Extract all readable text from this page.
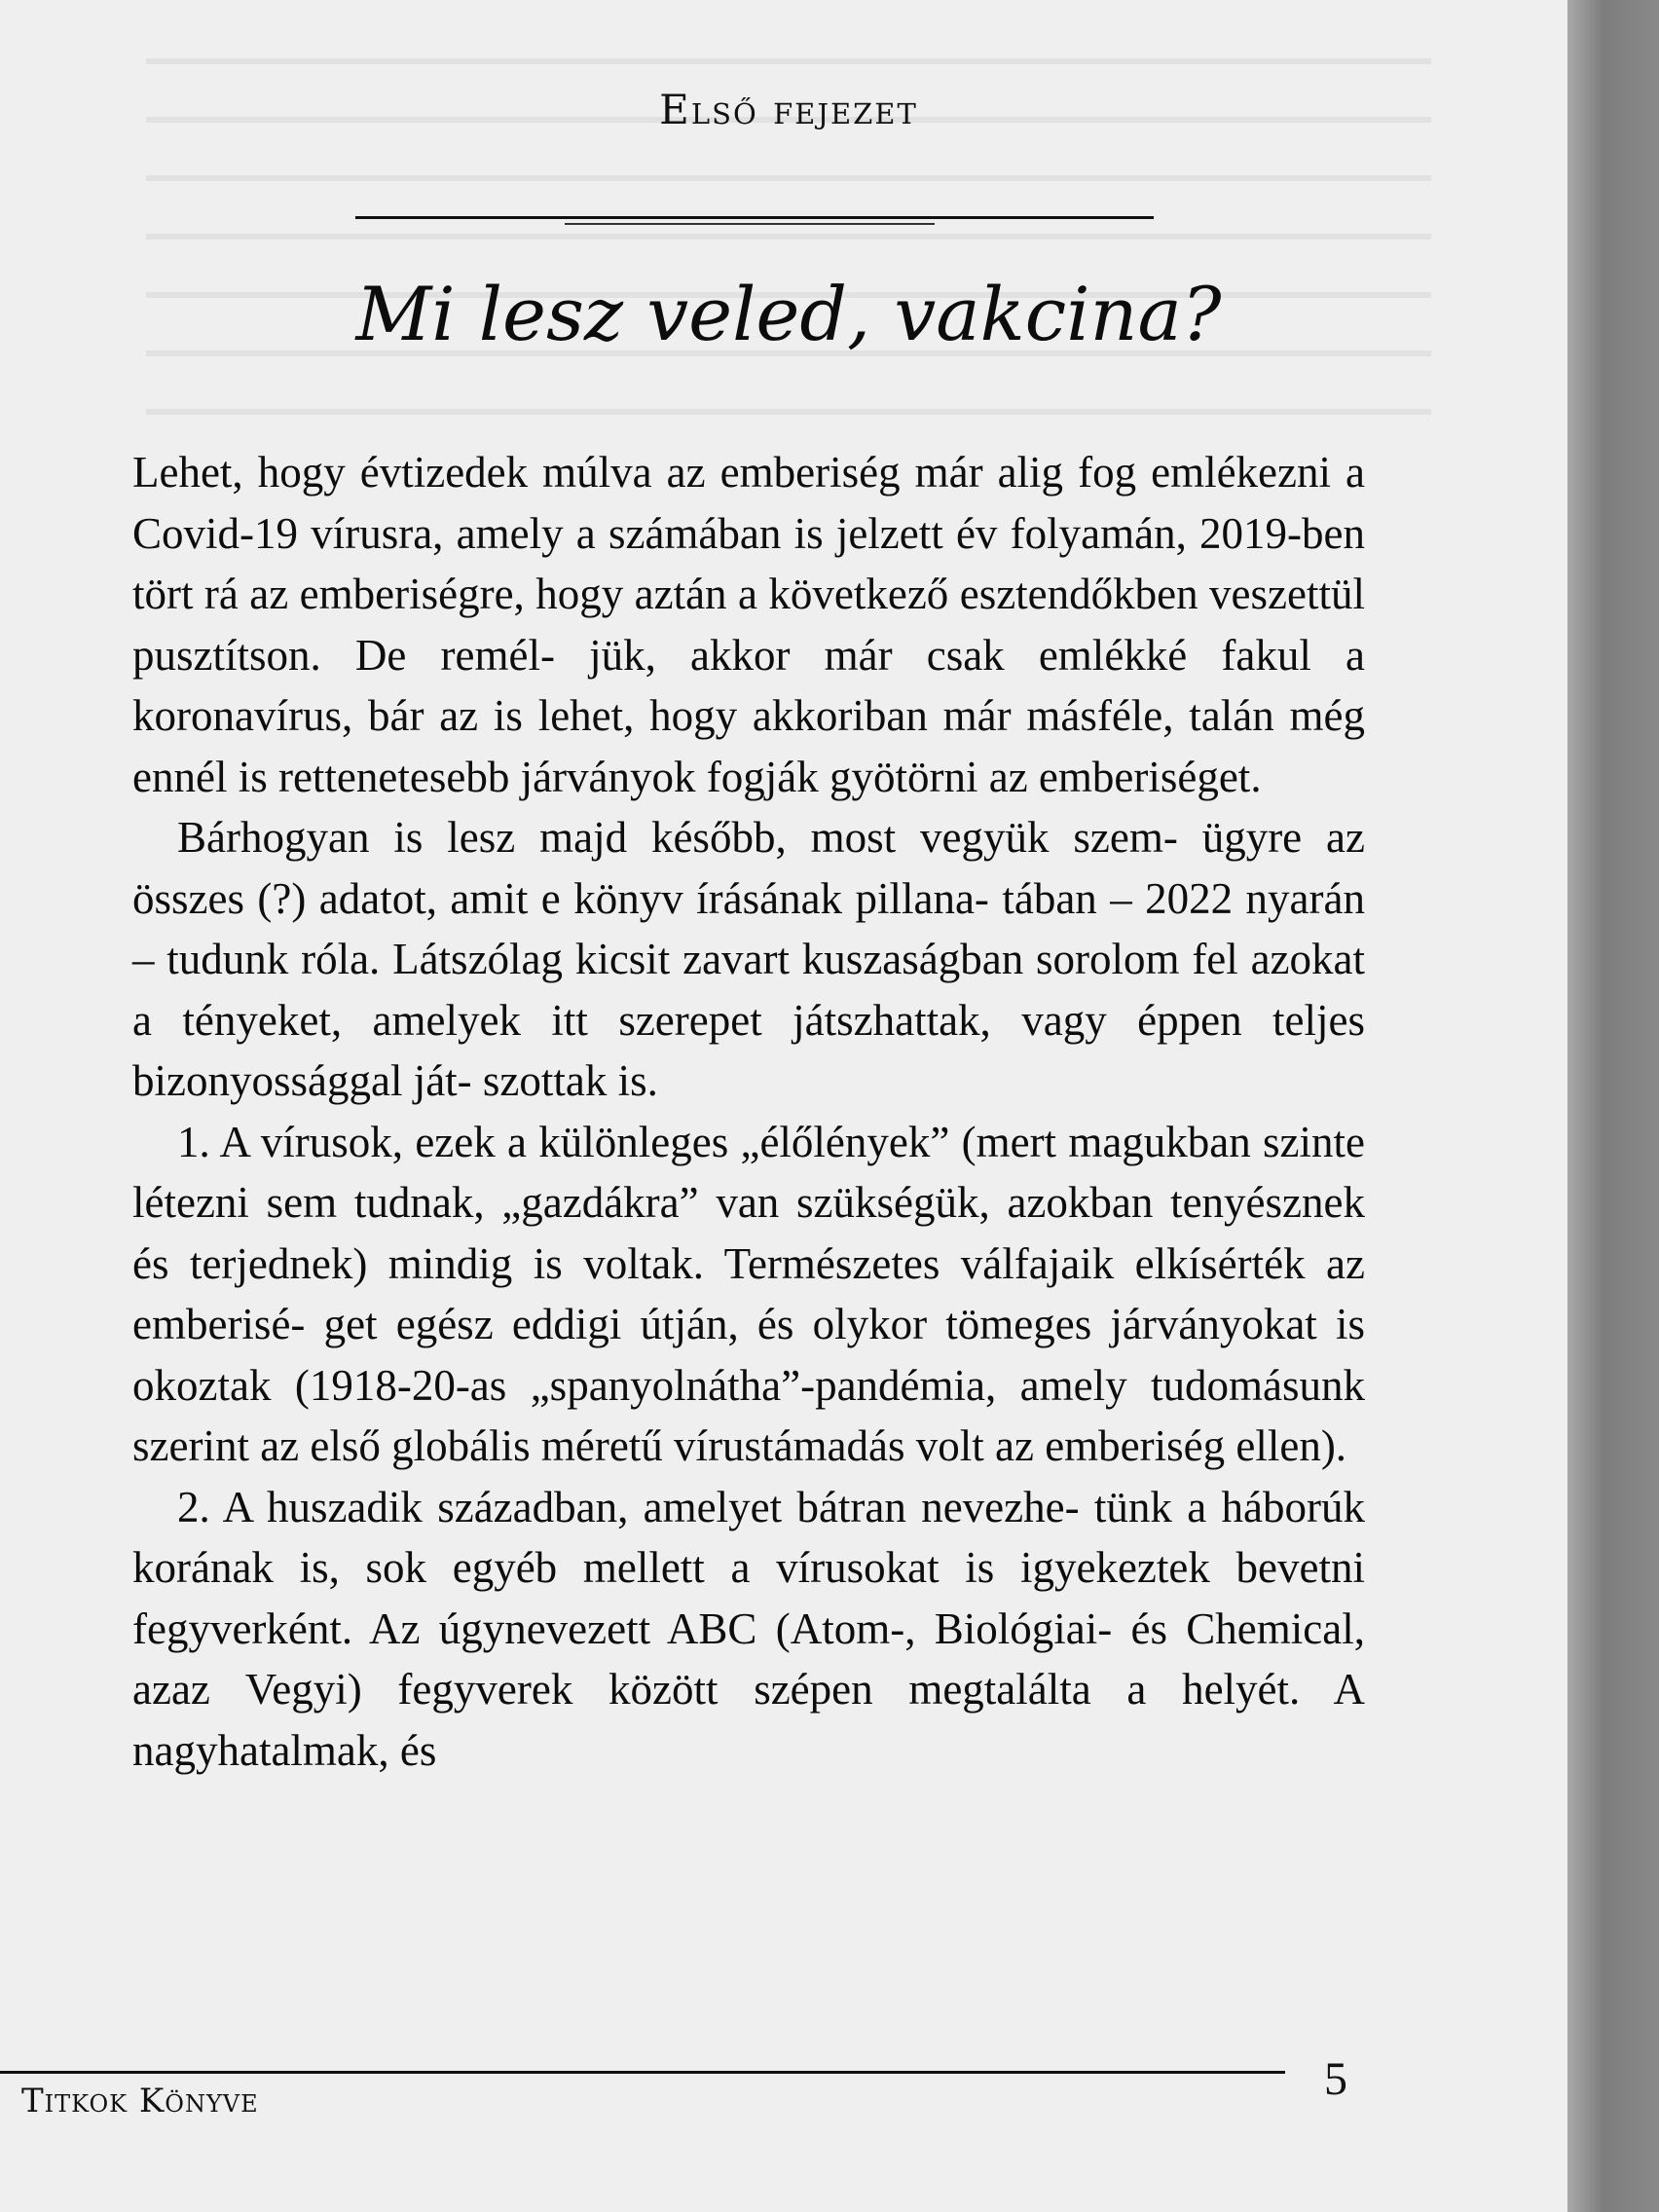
Első fejezet
Mi lesz veled, vakcina?

Lehet, hogy évtizedek múlva az emberiség már alig fog emlékezni a Covid-19 vírusra, amely a számában is jelzett év folyamán, 2019-ben tört rá az emberiségre, hogy aztán a következő esztendőkben veszettül pusztítson. De remél- jük, akkor már csak emlékké fakul a koronavírus, bár az is lehet, hogy akkoriban már másféle, talán még ennél is rettenetesebb járványok fogják gyötörni az emberiséget.

Bárhogyan is lesz majd később, most vegyük szem- ügyre az összes (?) adatot, amit e könyv írásának pillana- tában – 2022 nyarán – tudunk róla. Látszólag kicsit zavart kuszaságban sorolom fel azokat a tényeket, amelyek itt szerepet játszhattak, vagy éppen teljes bizonyossággal ját- szottak is.

1. A vírusok, ezek a különleges „élőlények” (mert magukban szinte létezni sem tudnak, „gazdákra” van szükségük, azokban tenyésznek és terjednek) mindig is voltak. Természetes válfajaik elkísérték az emberisé- get egész eddigi útján, és olykor tömeges járványokat is okoztak (1918-20-as „spanyolnátha”-pandémia, amely tudomásunk szerint az első globális méretű vírustámadás volt az emberiség ellen).

2. A huszadik században, amelyet bátran nevezhe- tünk a háborúk korának is, sok egyéb mellett a vírusokat is igyekeztek bevetni fegyverként. Az úgynevezett ABC (Atom-, Biológiai- és Chemical, azaz Vegyi) fegyverek között szépen megtalálta a helyét. A nagyhatalmak, és

Titkok Könyve	5
